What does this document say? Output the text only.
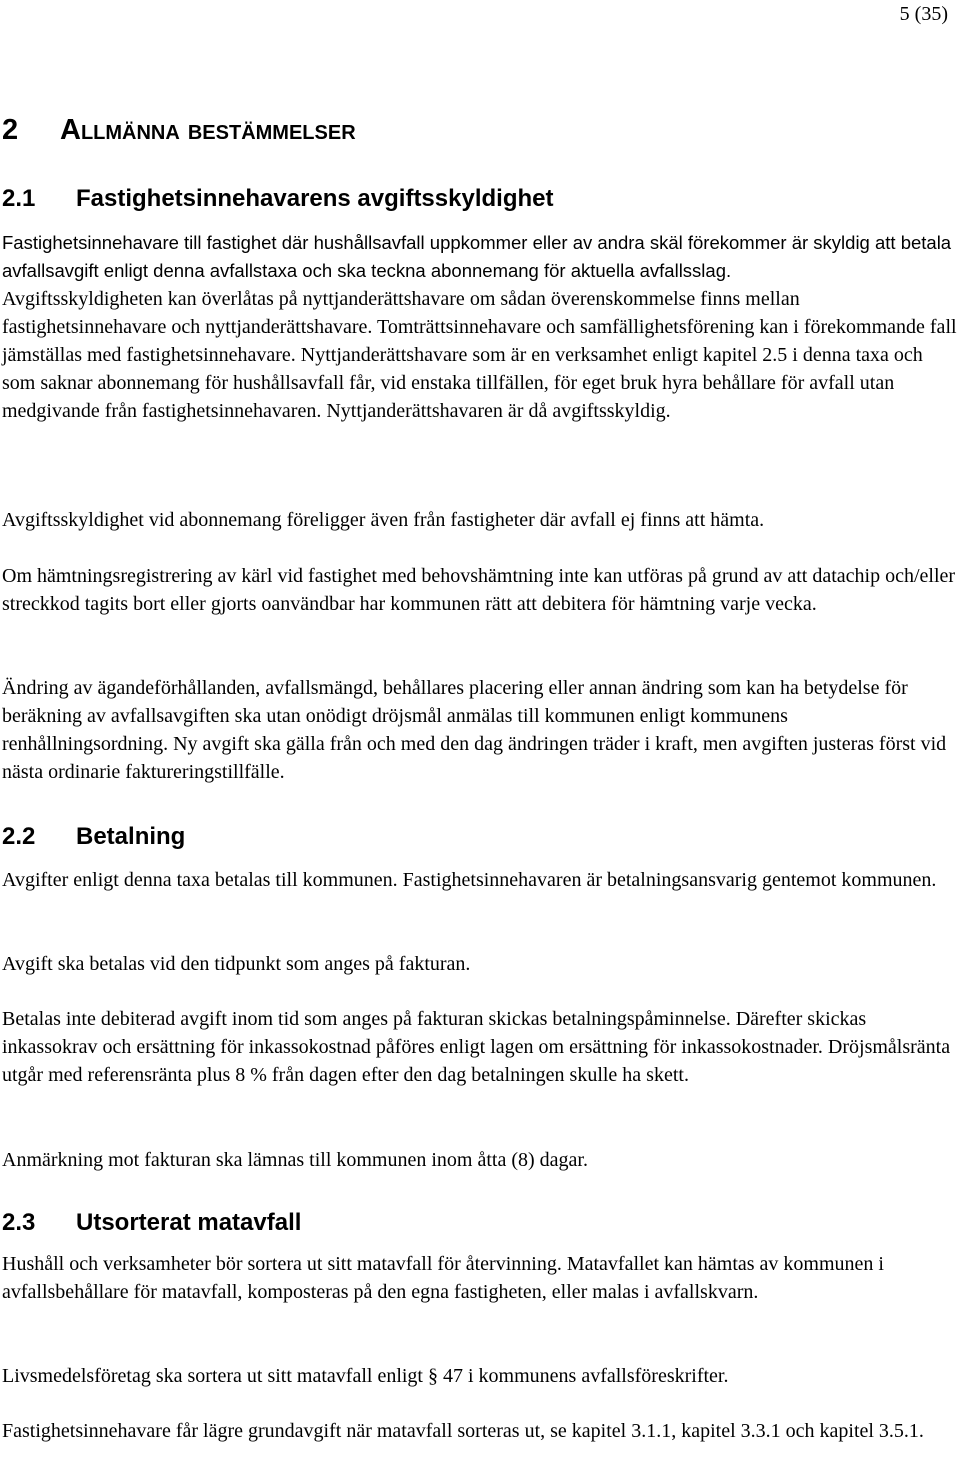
5 (35)
2 Allmänna bestämmelser
2.1 Fastighetsinnehavarens avgiftsskyldighet

Fastighetsinnehavare till fastighet där hushållsavfall uppkommer eller av andra skäl förekommer är skyldig att betala avfallsavgift enligt denna avfallstaxa och ska teckna abonnemang för aktuella avfallsslag.

Avgiftsskyldigheten kan överlåtas på nyttjanderättshavare om sådan överenskommelse finns mellan fastighetsinnehavare och nyttjanderättshavare. Tomträttsinnehavare och samfällighetsförening kan i förekommande fall jämställas med fastighetsinnehavare. Nyttjanderättshavare som är en verksamhet enligt kapitel 2.5 i denna taxa och som saknar abonnemang för hushållsavfall får, vid enstaka tillfällen, för eget bruk hyra behållare för avfall utan medgivande från fastighetsinnehavaren. Nyttjanderättshavaren är då avgiftsskyldig.

Avgiftsskyldighet vid abonnemang föreligger även från fastigheter där avfall ej finns att hämta.

Om hämtningsregistrering av kärl vid fastighet med behovshämtning inte kan utföras på grund av att datachip och/eller streckkod tagits bort eller gjorts oanvändbar har kommunen rätt att debitera för hämtning varje vecka.

Ändring av ägandeförhållanden, avfallsmängd, behållares placering eller annan ändring som kan ha betydelse för beräkning av avfallsavgiften ska utan onödigt dröjsmål anmälas till kommunen enligt kommunens renhållningsordning. Ny avgift ska gälla från och med den dag ändringen träder i kraft, men avgiften justeras först vid nästa ordinarie faktureringstillfälle.

2.2 Betalning

Avgifter enligt denna taxa betalas till kommunen. Fastighetsinnehavaren är betalningsansvarig gentemot kommunen.

Avgift ska betalas vid den tidpunkt som anges på fakturan.

Betalas inte debiterad avgift inom tid som anges på fakturan skickas betalningspåminnelse. Därefter skickas inkassokrav och ersättning för inkassokostnad påföres enligt lagen om ersättning för inkassokostnader. Dröjsmålsränta utgår med referensränta plus 8 % från dagen efter den dag betalningen skulle ha skett.

Anmärkning mot fakturan ska lämnas till kommunen inom åtta (8) dagar.

2.3 Utsorterat matavfall

Hushåll och verksamheter bör sortera ut sitt matavfall för återvinning. Matavfallet kan hämtas av kommunen i avfallsbehållare för matavfall, komposteras på den egna fastigheten, eller malas i avfallskvarn.

Livsmedelsföretag ska sortera ut sitt matavfall enligt § 47 i kommunens avfallsföreskrifter.

Fastighetsinnehavare får lägre grundavgift när matavfall sorteras ut, se kapitel 3.1.1, kapitel 3.3.1 och kapitel 3.5.1.
